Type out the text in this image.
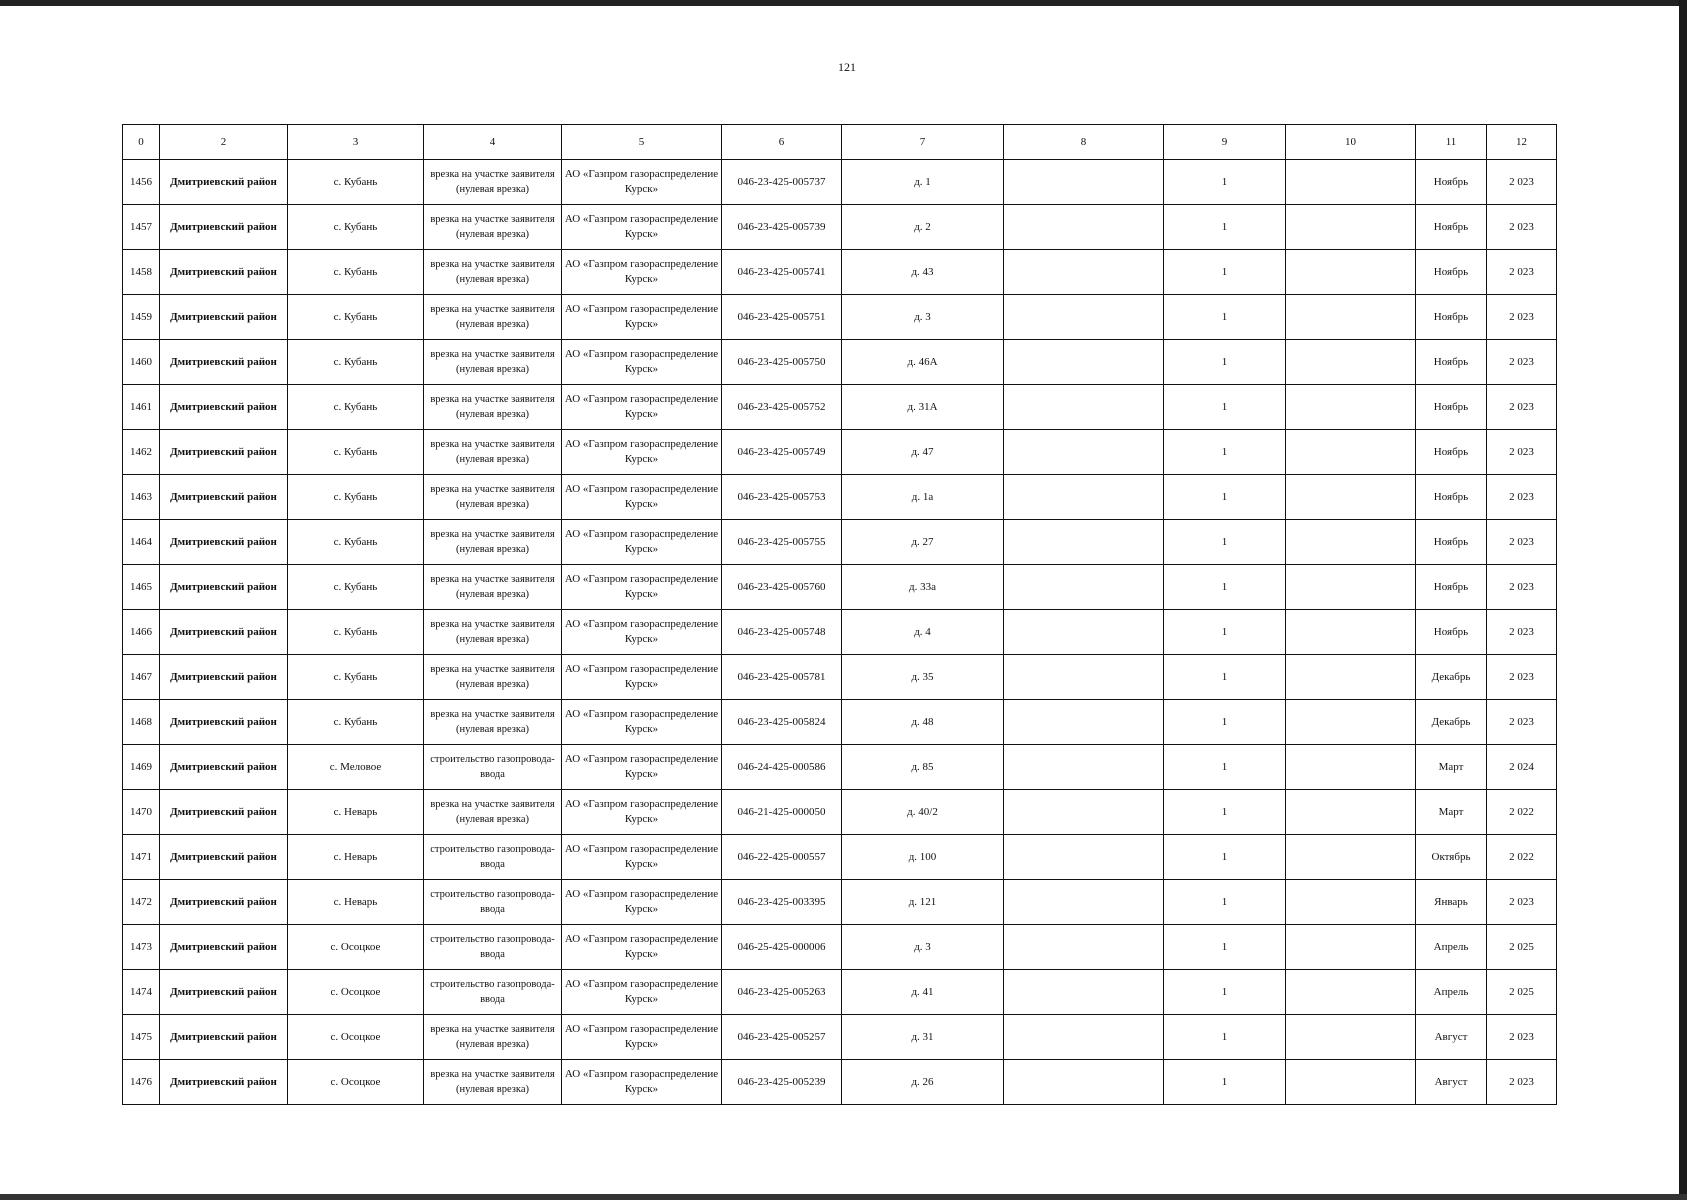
121
0	2	3	4	5	6	7	8	9	10	11	12
1456	Дмитриевский район	с. Кубань	врезка на участке заявителя (нулевая врезка)	АО «Газпром газораспределение Курск»	046-23-425-005737	д. 1		1		Ноябрь	2 023
1457	Дмитриевский район	с. Кубань	врезка на участке заявителя (нулевая врезка)	АО «Газпром газораспределение Курск»	046-23-425-005739	д. 2		1		Ноябрь	2 023
1458	Дмитриевский район	с. Кубань	врезка на участке заявителя (нулевая врезка)	АО «Газпром газораспределение Курск»	046-23-425-005741	д. 43		1		Ноябрь	2 023
1459	Дмитриевский район	с. Кубань	врезка на участке заявителя (нулевая врезка)	АО «Газпром газораспределение Курск»	046-23-425-005751	д. 3		1		Ноябрь	2 023
1460	Дмитриевский район	с. Кубань	врезка на участке заявителя (нулевая врезка)	АО «Газпром газораспределение Курск»	046-23-425-005750	д. 46А		1		Ноябрь	2 023
1461	Дмитриевский район	с. Кубань	врезка на участке заявителя (нулевая врезка)	АО «Газпром газораспределение Курск»	046-23-425-005752	д. 31А		1		Ноябрь	2 023
1462	Дмитриевский район	с. Кубань	врезка на участке заявителя (нулевая врезка)	АО «Газпром газораспределение Курск»	046-23-425-005749	д. 47		1		Ноябрь	2 023
1463	Дмитриевский район	с. Кубань	врезка на участке заявителя (нулевая врезка)	АО «Газпром газораспределение Курск»	046-23-425-005753	д. 1а		1		Ноябрь	2 023
1464	Дмитриевский район	с. Кубань	врезка на участке заявителя (нулевая врезка)	АО «Газпром газораспределение Курск»	046-23-425-005755	д. 27		1		Ноябрь	2 023
1465	Дмитриевский район	с. Кубань	врезка на участке заявителя (нулевая врезка)	АО «Газпром газораспределение Курск»	046-23-425-005760	д. 33а		1		Ноябрь	2 023
1466	Дмитриевский район	с. Кубань	врезка на участке заявителя (нулевая врезка)	АО «Газпром газораспределение Курск»	046-23-425-005748	д. 4		1		Ноябрь	2 023
1467	Дмитриевский район	с. Кубань	врезка на участке заявителя (нулевая врезка)	АО «Газпром газораспределение Курск»	046-23-425-005781	д. 35		1		Декабрь	2 023
1468	Дмитриевский район	с. Кубань	врезка на участке заявителя (нулевая врезка)	АО «Газпром газораспределение Курск»	046-23-425-005824	д. 48		1		Декабрь	2 023
1469	Дмитриевский район	с. Меловое	строительство газопровода-ввода	АО «Газпром газораспределение Курск»	046-24-425-000586	д. 85		1		Март	2 024
1470	Дмитриевский район	с. Неварь	врезка на участке заявителя (нулевая врезка)	АО «Газпром газораспределение Курск»	046-21-425-000050	д. 40/2		1		Март	2 022
1471	Дмитриевский район	с. Неварь	строительство газопровода-ввода	АО «Газпром газораспределение Курск»	046-22-425-000557	д. 100		1		Октябрь	2 022
1472	Дмитриевский район	с. Неварь	строительство газопровода-ввода	АО «Газпром газораспределение Курск»	046-23-425-003395	д. 121		1		Январь	2 023
1473	Дмитриевский район	с. Осоцкое	строительство газопровода-ввода	АО «Газпром газораспределение Курск»	046-25-425-000006	д. 3		1		Апрель	2 025
1474	Дмитриевский район	с. Осоцкое	строительство газопровода-ввода	АО «Газпром газораспределение Курск»	046-23-425-005263	д. 41		1		Апрель	2 025
1475	Дмитриевский район	с. Осоцкое	врезка на участке заявителя (нулевая врезка)	АО «Газпром газораспределение Курск»	046-23-425-005257	д. 31		1		Август	2 023
1476	Дмитриевский район	с. Осоцкое	врезка на участке заявителя (нулевая врезка)	АО «Газпром газораспределение Курск»	046-23-425-005239	д. 26		1		Август	2 023
